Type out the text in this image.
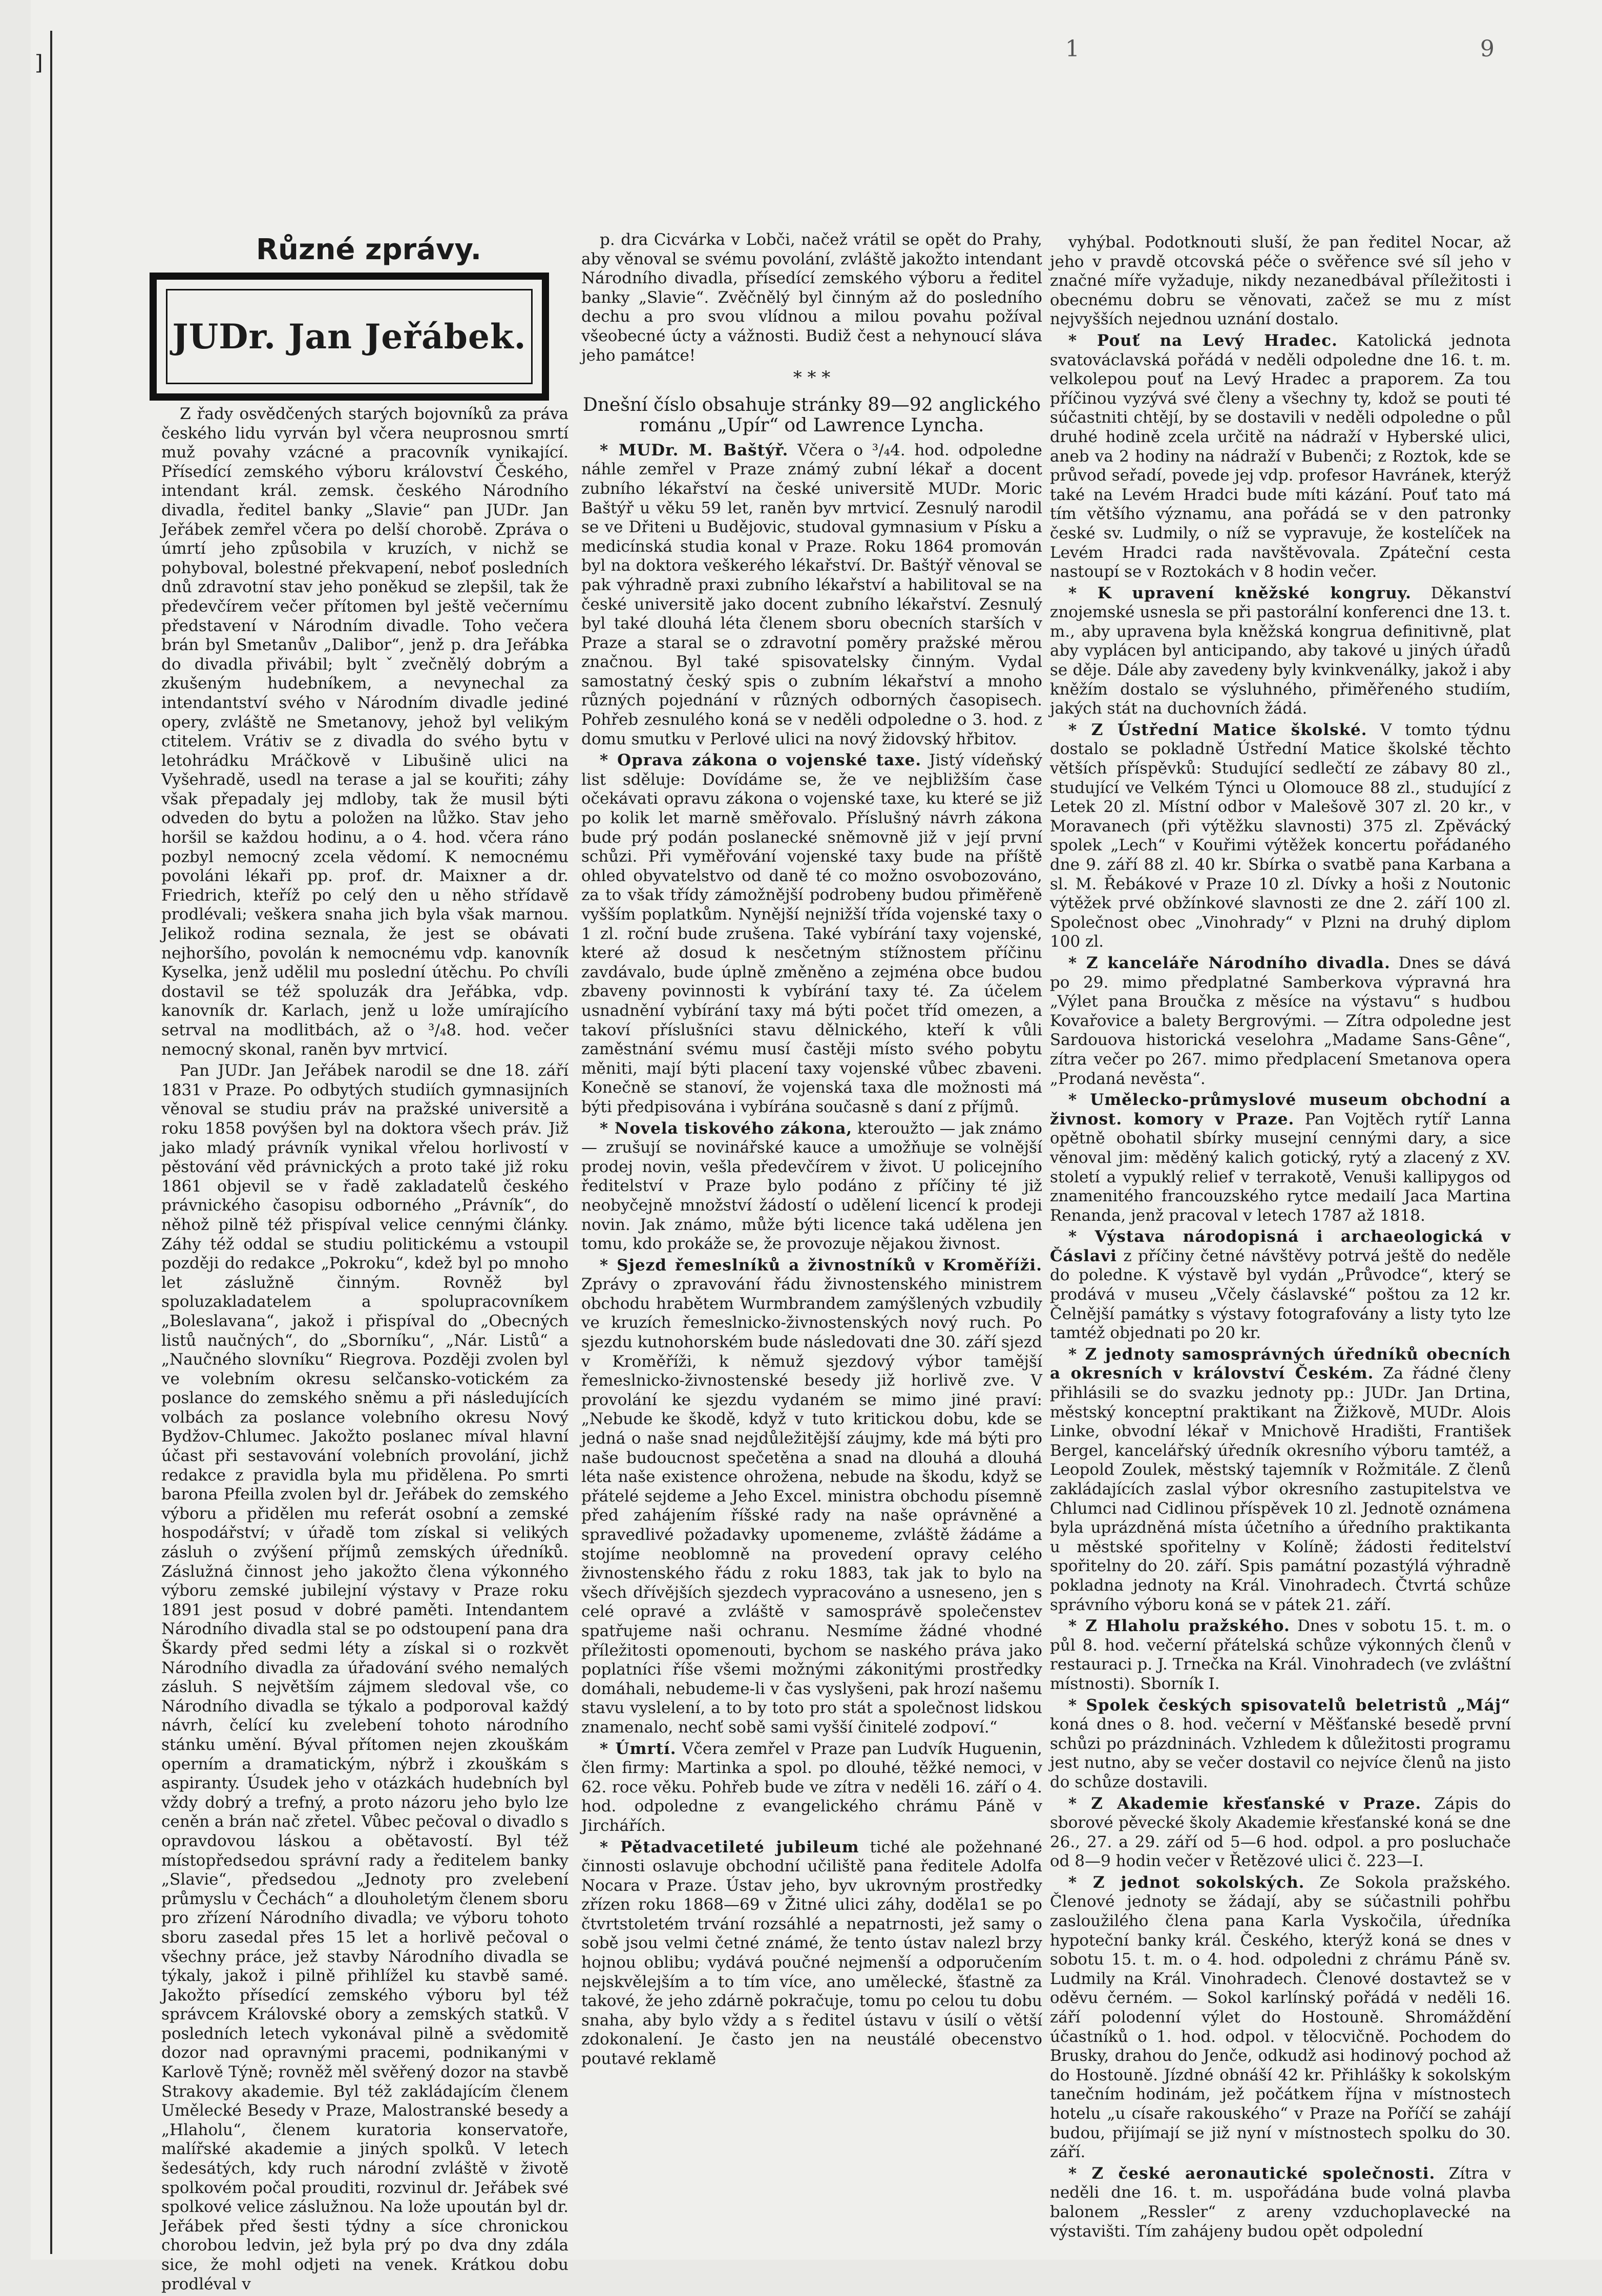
]
1	9
Různé zprávy.
JUDr. Jan Jeřábek.

Z řady osvědčených starých bojovníků za práva českého lidu vyrván byl včera neuprosnou smrtí muž povahy vzácné a pracovník vynikající. Přísedící zemského výboru království Českého, intendant král. zemsk. českého Národního divadla, ředitel banky „Slavie“ pan JUDr. Jan Jeřábek zemřel včera po delší chorobě. Zpráva o úmrtí jeho způsobila v kruzích, v nichž se pohyboval, bolestné překvapení, neboť posledních dnů zdravotní stav jeho poněkud se zlepšil, tak že předevčírem večer přítomen byl ještě večernímu představení v Národním divadle. Toho večera brán byl Smetanův „Dalibor“, jenž p. dra Jeřábka do divadla přivábil; byltˇzvečnělý dobrým a zkušeným hudebníkem, a nevynechal za intendantství svého v Národním divadle jediné opery, zvláště ne Smetanovy, jehož byl velikým ctitelem. Vrátiv se z divadla do svého bytu v letohrádku Mráčkově v Libušině ulici na Vyšehradě, usedl na terase a jal se kouřiti; záhy však přepadaly jej mdloby, tak že musil býti odveden do bytu a položen na lůžko. Stav jeho horšil se každou hodinu, a o 4. hod. včera ráno pozbyl nemocný zcela vědomí. K nemocnému povoláni lékaři pp. prof. dr. Maixner a dr. Friedrich, kteříž po celý den u něho střídavě prodlévali; veškera snaha jich byla však marnou. Jelikož rodina seznala, že jest se obávati nejhoršího, povolán k nemocnému vdp. kanovník Kyselka, jenž udělil mu poslední útěchu. Po chvíli dostavil se též spoluzák dra Jeřábka, vdp. kanovník dr. Karlach, jenž u lože umírajícího setrval na modlitbách, až o ³/₄8. hod. večer nemocný skonal, raněn byv mrtvicí.

Pan JUDr. Jan Jeřábek narodil se dne 18. září 1831 v Praze. Po odbytých studiích gymnasijních věnoval se studiu práv na pražské universitě a roku 1858 povýšen byl na doktora všech práv. Již jako mladý právník vynikal vřelou horlivostí v pěstování věd právnických a proto také již roku 1861 objevil se v řadě zakladatelů českého právnického časopisu odborného „Právník“, do něhož pilně též přispíval velice cennými články. Záhy též oddal se studiu politickému a vstoupil později do redakce „Pokroku“, kdež byl po mnoho let záslužně činným. Rovněž byl spoluzakladatelem a spolupracovníkem „Boleslavana“, jakož i přispíval do „Obecných listů naučných“, do „Sborníku“, „Nár. Listů“ a „Naučného slovníku“ Riegrova. Později zvolen byl ve volebním okresu selčansko-votickém za poslance do zemského sněmu a při následujících volbách za poslance volebního okresu Nový Bydžov-Chlumec. Jakožto poslanec míval hlavní účast při sestavování volebních provolání, jichž redakce z pravidla byla mu přidělena. Po smrti barona Pfeilla zvolen byl dr. Jeřábek do zemského výboru a přidělen mu referát osobní a zemské hospodářství; v úřadě tom získal si velikých zásluh o zvýšení příjmů zemských úředníků. Záslužná činnost jeho jakožto člena výkonného výboru zemské jubilejní výstavy v Praze roku 1891 jest posud v dobré paměti. Intendantem Národního divadla stal se po odstoupení pana dra Škardy před sedmi léty a získal si o rozkvět Národního divadla za úřadování svého nemalých zásluh. S největším zájmem sledoval vše, co Národního divadla se týkalo a podporoval každý návrh, čelící ku zvelebení tohoto národního stánku umění. Býval přítomen nejen zkouškám operním a dramatickým, nýbrž i zkouškám s aspiranty. Úsudek jeho v otázkách hudebních byl vždy dobrý a trefný, a proto názoru jeho bylo lze ceněn a brán nač zřetel. Vůbec pečoval o divadlo s opravdovou láskou a obětavostí. Byl též místopředsedou správní rady a ředitelem banky „Slavie“, předsedou „Jednoty pro zvelebení průmyslu v Čechách“ a dlouholetým členem sboru pro zřízení Národního divadla; ve výboru tohoto sboru zasedal přes 15 let a horlivě pečoval o všechny práce, jež stavby Národního divadla se týkaly, jakož i pilně přihlížel ku stavbě samé. Jakožto přísedící zemského výboru byl též správcem Královské obory a zemských statků. V posledních letech vykonával pilně a svědomitě dozor nad opravnými pracemi, podnikanými v Karlově Týně; rovněž měl svěřený dozor na stavbě Strakovy akademie. Byl též zakládajícím členem Umělecké Besedy v Praze, Malostranské besedy a „Hlaholu“, členem kuratoria konservatoře, malířské akademie a jiných spolků. V letech šedesátých, kdy ruch národní zvláště v životě spolkovém počal prouditi, rozvinul dr. Jeřábek své spolkové velice záslužnou. Na lože upoután byl dr. Jeřábek před šesti týdny a síce chronickou chorobou ledvin, jež byla prý po dva dny zdála sice, že mohl odjeti na venek. Krátkou dobu prodléval v

p. dra Cicvárka v Lobči, načež vrátil se opět do Prahy, aby věnoval se svému povolání, zvláště jakožto intendant Národního divadla, přísedící zemského výboru a ředitel banky „Slavie“. Zvěčnělý byl činným až do posledního dechu a pro svou vlídnou a milou povahu požíval všeobecné úcty a vážnosti. Budiž čest a nehynoucí sláva jeho památce!

* * *
Dnešní číslo obsahuje stránky 89—92 anglického románu „Upír“ od Lawrence Lyncha.

* MUDr. M. Baštýř. Včera o ³/₄4. hod. odpoledne náhle zemřel v Praze známý zubní lékař a docent zubního lékařství na české universitě MUDr. Moric Baštýř u věku 59 let, raněn byv mrtvicí. Zesnulý narodil se ve Dřiteni u Budějovic, studoval gymnasium v Písku a medicínská studia konal v Praze. Roku 1864 promován byl na doktora veškerého lékařství. Dr. Baštýř věnoval se pak výhradně praxi zubního lékařství a habilitoval se na české universitě jako docent zubního lékařství. Zesnulý byl také dlouhá léta členem sboru obecních starších v Praze a staral se o zdravotní poměry pražské měrou značnou. Byl také spisovatelsky činným. Vydal samostatný český spis o zubním lékařství a mnoho různých pojednání v různých odborných časopisech. Pohřeb zesnulého koná se v neděli odpoledne o 3. hod. z domu smutku v Perlové ulici na nový židovský hřbitov.

* Oprava zákona o vojenské taxe. Jistý vídeňský list sděluje: Dovídáme se, že ve nejbližším čase očekávati opravu zákona o vojenské taxe, ku které se již po kolik let marně směřovalo. Příslušný návrh zákona bude prý podán poslanecké sněmovně již v její první schůzi. Při vyměřování vojenské taxy bude na příště ohled obyvatelstvo od daně té co možno osvobozováno, za to však třídy zámožnější podrobeny budou přiměřeně vyšším poplatkům. Nynější nejnižší třída vojenské taxy o 1 zl. roční bude zrušena. Také vybírání taxy vojenské, které až dosud k nesčetným stížnostem příčinu zavdávalo, bude úplně změněno a zejména obce budou zbaveny povinnosti k vybírání taxy té. Za účelem usnadnění vybírání taxy má býti počet tříd omezen, a takoví příslušníci stavu dělnického, kteří k vůli zaměstnání svému musí častěji místo svého pobytu měniti, mají býti placení taxy vojenské vůbec zbaveni. Konečně se stanoví, že vojenská taxa dle možnosti má býti předpisována i vybírána současně s daní z příjmů.

* Novela tiskového zákona, kteroužto — jak známo — zrušují se novinářské kauce a umožňuje se volnější prodej novin, vešla předevčírem v život. U policejního ředitelství v Praze bylo podáno z příčiny té již neobyčejně množství žádostí o udělení licencí k prodeji novin. Jak známo, může býti licence taká udělena jen tomu, kdo prokáže se, že provozuje nějakou živnost.

* Sjezd řemeslníků a živnostníků v Kroměříži. Zprávy o zpravování řádu živnostenského ministrem obchodu hrabětem Wurmbrandem zamýšlených vzbudily ve kruzích řemeslnicko-živnostenských nový ruch. Po sjezdu kutnohorském bude následovati dne 30. září sjezd v Kroměříži, k němuž sjezdový výbor tamější řemeslnicko-živnostenské besedy již horlivě zve. V provolání ke sjezdu vydaném se mimo jiné praví: „Nebude ke škodě, když v tuto kritickou dobu, kde se jedná o naše snad nejdůležitější záujmy, kde má býti pro naše budoucnost spečetěna a snad na dlouhá a dlouhá léta naše existence ohrožena, nebude na škodu, když se přátelé sejdeme a Jeho Excel. ministra obchodu písemně před zahájením říšské rady na naše oprávněné a spravedlivé požadavky upomeneme, zvláště žádáme a stojíme neoblomně na provedení opravy celého živnostenského řádu z roku 1883, tak jak to bylo na všech dřívějších sjezdech vypracováno a usneseno, jen s celé opravé a zvláště v samosprávě společenstev spatřujeme naši ochranu. Nesmíme žádné vhodné příležitosti opomenouti, bychom se naského práva jako poplatníci říše všemi možnými zákonitými prostředky domáhali, nebudeme-li v čas vyslyšeni, pak hrozí našemu stavu vyslelení, a to by toto pro stát a společnost lidskou znamenalo, nechť sobě sami vyšší činitelé zodpoví.“

* Úmrtí. Včera zemřel v Praze pan Ludvík Huguenin, člen firmy: Martinka a spol. po dlouhé, těžké nemoci, v 62. roce věku. Pohřeb bude ve zítra v neděli 16. září o 4. hod. odpoledne z evangelického chrámu Páně v Jirchářích.

* Pětadvacetileté jubileum tiché ale požehnané činnosti oslavuje obchodní učiliště pana ředitele Adolfa Nocara v Praze. Ústav jeho, byv ukrovným prostředky zřízen roku 1868—69 v Žitné ulici záhy, doděla1 se po čtvrtstoletém trvání rozsáhlé a nepatrnosti, jež samy o sobě jsou velmi četné známé, že tento ústav nalezl brzy hojnou oblibu; vydává poučné nejmenší a odporučením nejskvělejším a to tím více, ano umělecké, šťastně za takové, že jeho zdárně pokračuje, tomu po celou tu dobu snaha, aby bylo vždy a s ředitel ústavu v úsilí o větší zdokonalení. Je často jen na neustálé obecenstvo poutavé reklamě

vyhýbal. Podotknouti sluší, že pan ředitel Nocar, až jeho v pravdě otcovská péče o svěřence své síl jeho v značné míře vyžaduje, nikdy nezanedbával příležitosti i obecnému dobru se věnovati, začež se mu z míst nejvyšších nejednou uznání dostalo.

* Pouť na Levý Hradec. Katolická jednota svatováclavská pořádá v neděli odpoledne dne 16. t. m. velkolepou pouť na Levý Hradec a praporem. Za tou příčinou vyzývá své členy a všechny ty, kdož se pouti té súčastniti chtějí, by se dostavili v neděli odpoledne o půl druhé hodině zcela určitě na nádraží v Hyberské ulici, aneb va 2 hodiny na nádraží v Bubenči; z Roztok, kde se průvod seřadí, povede jej vdp. profesor Havránek, kterýž také na Levém Hradci bude míti kázání. Pouť tato má tím většího významu, ana pořádá se v den patronky české sv. Ludmily, o níž se vypravuje, že kostelíček na Levém Hradci rada navštěvovala. Zpáteční cesta nastoupí se v Roztokách v 8 hodin večer.

* K upravení kněžské kongruy. Děkanství znojemské usnesla se při pastorální konferenci dne 13. t. m., aby upravena byla kněžská kongrua definitivně, plat aby vyplácen byl anticipando, aby takové u jiných úřadů se děje. Dále aby zavedeny byly kvinkvenálky, jakož i aby kněžím dostalo se výsluhného, přiměřeného studiím, jakých stát na duchovních žádá.

* Z Ústřední Matice školské. V tomto týdnu dostalo se pokladně Ústřední Matice školské těchto větších příspěvků: Studující sedlečtí ze zábavy 80 zl., studující ve Velkém Týnci u Olomouce 88 zl., studující z Letek 20 zl. Místní odbor v Malešově 307 zl. 20 kr., v Moravanech (při výtěžku slavnosti) 375 zl. Zpěvácký spolek „Lech“ v Kouřimi výtěžek koncertu pořádaného dne 9. září 88 zl. 40 kr. Sbírka o svatbě pana Karbana a sl. M. Řebákové v Praze 10 zl. Dívky a hoši z Noutonic výtěžek prvé obžínkové slavnosti ze dne 2. září 100 zl. Společnost obec „Vinohrady“ v Plzni na druhý diplom 100 zl.

* Z kanceláře Národního divadla. Dnes se dává po 29. mimo předplatné Samberkova výpravná hra „Výlet pana Broučka z měsíce na výstavu“ s hudbou Kovařovice a balety Bergrovými. — Zítra odpoledne jest Sardouova historická veselohra „Madame Sans-Gêne“, zítra večer po 267. mimo předplacení Smetanova opera „Prodaná nevěsta“.

* Umělecko-průmyslové museum obchodní a živnost. komory v Praze. Pan Vojtěch rytíř Lanna opětně obohatil sbírky musejní cennými dary, a sice věnoval jim: měděný kalich gotický, rytý a zlacený z XV. století a vypuklý relief v terrakotě, Venuši kallipygos od znamenitého francouzského rytce medailí Jaca Martina Renanda, jenž pracoval v letech 1787 až 1818.

* Výstava národopisná i archaeologická v Čáslavi z příčiny četné návštěvy potrvá ještě do neděle do poledne. K výstavě byl vydán „Průvodce“, který se prodává v museu „Včely čáslavské“ poštou za 12 kr. Čelnější památky s výstavy fotografovány a listy tyto lze tamtéž objednati po 20 kr.

* Z jednoty samosprávných úředníků obecních a okresních v království Českém. Za řádné členy přihlásili se do svazku jednoty pp.: JUDr. Jan Drtina, městský konceptní praktikant na Žižkově, MUDr. Alois Linke, obvodní lékař v Mnichově Hradišti, František Bergel, kancelářský úředník okresního výboru tamtéž, a Leopold Zoulek, městský tajemník v Rožmitále. Z členů zakládajících zaslal výbor okresního zastupitelstva ve Chlumci nad Cidlinou příspěvek 10 zl. Jednotě oznámena byla uprázdněná místa účetního a úředního praktikanta u městské spořitelny v Kolíně; žádosti ředitelství spořitelny do 20. září. Spis památní pozastýlá výhradně pokladna jednoty na Král. Vinohradech. Čtvrtá schůze správního výboru koná se v pátek 21. září.

* Z Hlaholu pražského. Dnes v sobotu 15. t. m. o půl 8. hod. večerní přátelská schůze výkonných členů v restauraci p. J. Trnečka na Král. Vinohradech (ve zvláštní místnosti). Sborník I.

* Spolek českých spisovatelů beletristů „Máj“ koná dnes o 8. hod. večerní v Měšťanské besedě první schůzi po prázdninách. Vzhledem k důležitosti programu jest nutno, aby se večer dostavil co nejvíce členů na jisto do schůze dostavili.

* Z Akademie křesťanské v Praze. Zápis do sborové pěvecké školy Akademie křesťanské koná se dne 26., 27. a 29. září od 5—6 hod. odpol. a pro posluchače od 8—9 hodin večer v Řetězové ulici č. 223—I.

* Z jednot sokolských. Ze Sokola pražského. Členové jednoty se žádají, aby se súčastnili pohřbu zasloužilého člena pana Karla Vyskočila, úředníka hypoteční banky král. Českého, kterýž koná se dnes v sobotu 15. t. m. o 4. hod. odpoledni z chrámu Páně sv. Ludmily na Král. Vinohradech. Členové dostavtež se v oděvu černém. — Sokol karlínský pořádá v neděli 16. září polodenní výlet do Hostouně. Shromáždění účastníků o 1. hod. odpol. v tělocvičně. Pochodem do Brusky, drahou do Jenče, odkudž asi hodinový pochod až do Hostouně. Jízdné obnáší 42 kr. Přihlášky k sokolským tanečním hodinám, jež počátkem října v místnostech hotelu „u císaře rakouského“ v Praze na Poříčí se zahájí budou, přijímají se již nyní v místnostech spolku do 30. září.

* Z české aeronautické společnosti. Zítra v neděli dne 16. t. m. uspořádána bude volná plavba balonem „Ressler“ z areny vzduchoplavecké na výstavišti. Tím zahájeny budou opět odpolední
